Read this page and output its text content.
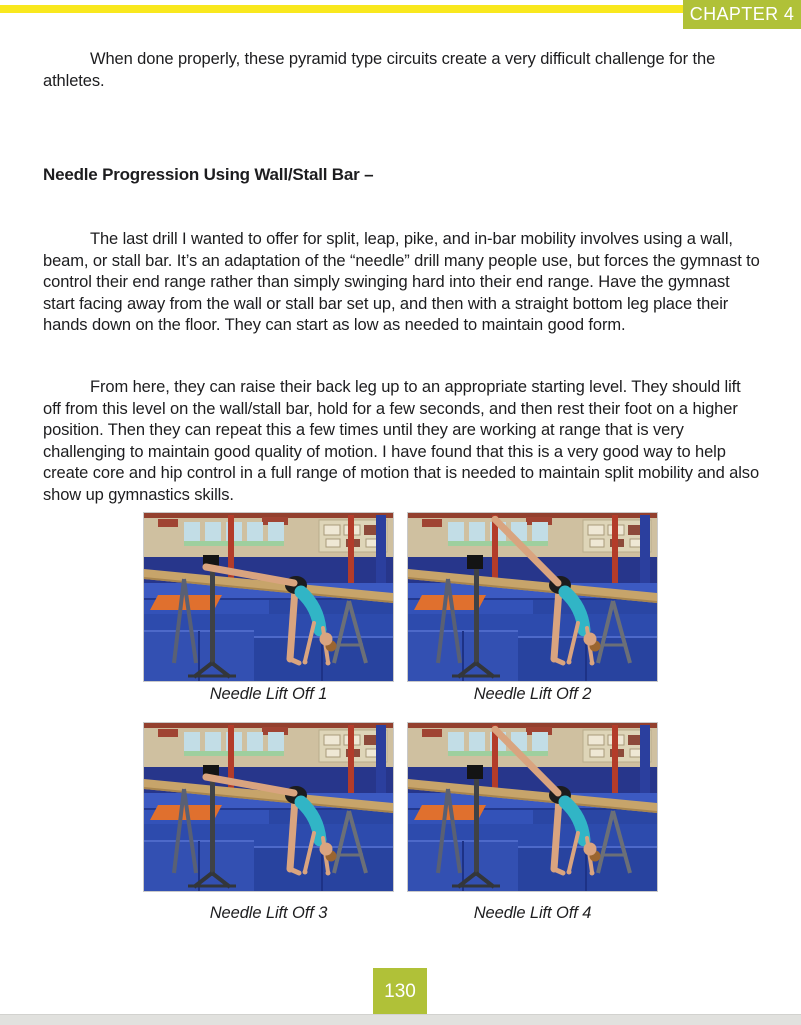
CHAPTER 4

When done properly, these pyramid type circuits create a very difficult challenge for the athletes.

Needle Progression Using Wall/Stall Bar –

The last drill I wanted to offer for split, leap, pike, and in-bar mobility involves using a wall, beam, or stall bar. It’s an adaptation of the “needle” drill many people use, but forces the gymnast to control their end range rather than simply swinging hard into their end range. Have the gymnast start facing away from the wall or stall bar set up, and then with a straight bottom leg place their hands down on the floor. They can start as low as needed to maintain good form.

From here, they can raise their back leg up to an appropriate starting level. They should lift off from this level on the wall/stall bar, hold for a few seconds, and then rest their foot on a higher position. Then they can repeat this a few times until they are working at range that is very challenging to maintain good quality of motion. I have found that this is a very good way to help create core and hip control in a full range of motion that is needed to maintain split mobility and also show up gymnastics skills.

Needle Lift Off 1	Needle Lift Off 2
Needle Lift Off 3	Needle Lift Off 4
130
